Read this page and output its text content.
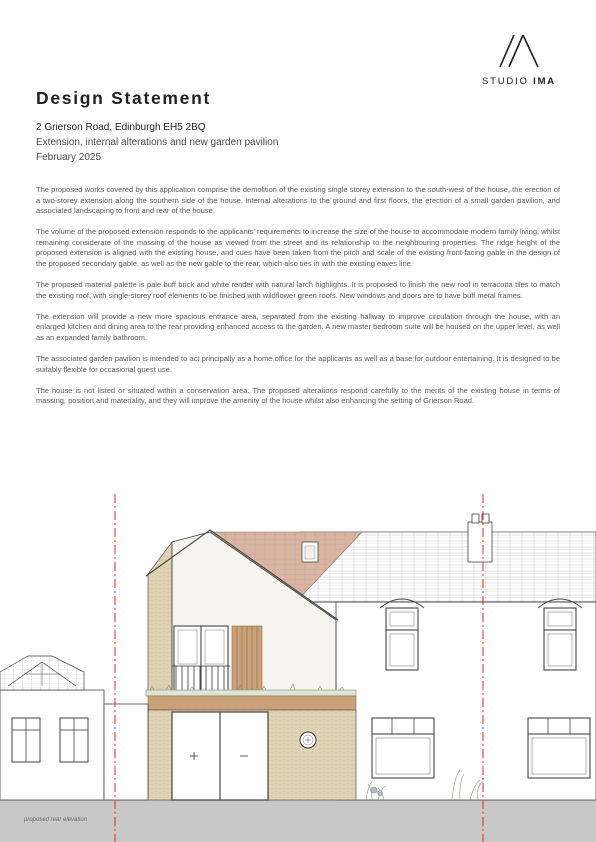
STUDIO IMA
Design Statement
2 Grierson Road, Edinburgh EH5 2BQ
Extension, internal alterations and new garden pavilion
February 2025

The proposed works covered by this application comprise the demolition of the existing single storey extension to the south-west of the house, the erection of a two-storey extension along the southern side of the house, internal alterations to the ground and first floors, the erection of a small garden pavilion, and associated landscaping to front and rear of the house.

The volume of the proposed extension responds to the applicants' requirements to increase the size of the house to accommodate modern family living, whilst remaining considerate of the massing of the house as viewed from the street and its relationship to the neighbouring properties. The ridge height of the proposed extension is aligned with the existing house, and cues have been taken from the pitch and scale of the existing front-facing gable in the design of the proposed secondary gable, as well as the new gable to the rear, which also ties in with the existing eaves line.

The proposed material palette is pale buff brick and white render with natural larch highlights. It is proposed to finish the new roof in terracotta tiles to match the existing roof, with single-storey roof elements to be finished with wildflower green roofs. New windows and doors are to have buff metal frames.

The extension will provide a new more spacious entrance area, separated from the existing hallway to improve circulation through the house, with an enlarged kitchen and dining area to the rear providing enhanced access to the garden. A new master bedroom suite will be housed on the upper level, as well as an expanded family bathroom.

The associated garden pavilion is intended to act principally as a home office for the applicants as well as a base for outdoor entertaining. It is designed to be suitably flexible for occasional guest use.

The house is not listed or situated within a conservation area. The proposed alterations respond carefully to the merits of the existing house in terms of massing, position and materiality, and they will improve the amenity of the house whilst also enhancing the setting of Grierson Road.

proposed rear elevation
